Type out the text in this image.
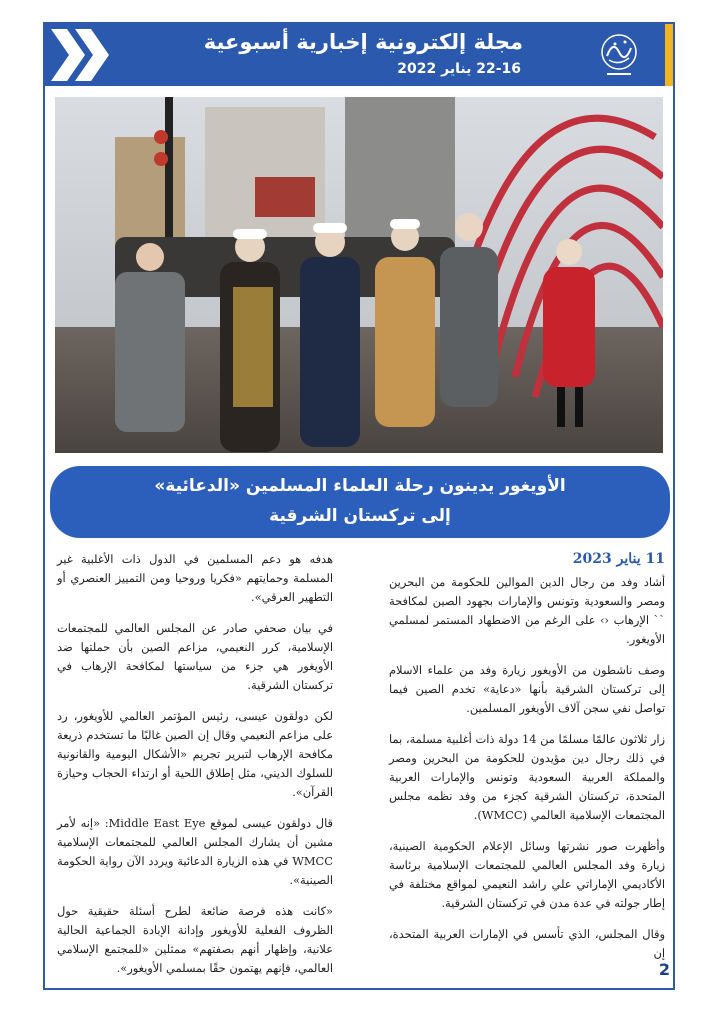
مجلة إلكترونية إخبارية أسبوعية
22-16 يناير 2022
الأويغور يدينون رحلة العلماء المسلمين «الدعائية»
إلى تركستان الشرقية
11 يناير 2023

أشاد وفد من رجال الدين الموالين للحكومة من البحرين ومصر والسعودية وتونس والإمارات بجهود الصين لمكافحة `` الإرهاب ‹› على الرغم من الاضطهاد المستمر لمسلمي الأويغور.

وصف ناشطون من الأويغور زيارة وفد من علماء الاسلام إلى تركستان الشرقية بأنها «دعاية» تخدم الصين فيما تواصل نفي سجن آلاف الأويغور المسلمين.

زار ثلاثون عالمًا مسلمًا من 14 دولة ذات أغلبية مسلمة، بما في ذلك رجال دين مؤيدون للحكومة من البحرين ومصر والمملكة العربية السعودية وتونس والإمارات العربية المتحدة، تركستان الشرقية كجزء من وفد نظمه مجلس المجتمعات الإسلامية العالمي (WMCC).

وأظهرت صور نشرتها وسائل الإعلام الحكومية الصينية، زيارة وفد المجلس العالمي للمجتمعات الإسلامية برئاسة الأكاديمي الإماراتي علي راشد النعيمي لمواقع مختلفة في إطار جولته في عدة مدن في تركستان الشرقية.

وقال المجلس، الذي تأسس في الإمارات العربية المتحدة، إن

هدفه هو دعم المسلمين في الدول ذات الأغلبية غير المسلمة وحمايتهم «فكريا وروحيا ومن التمييز العنصري أو التطهير العرقي».

في بيان صحفي صادر عن المجلس العالمي للمجتمعات الإسلامية، كرر النعيمي، مزاعم الصين بأن حملتها ضد الأويغور هي جزء من سياستها لمكافحة الإرهاب في تركستان الشرقية.

لكن دولقون عيسى، رئيس المؤتمر العالمي للأويغور، رد على مزاعم النعيمي وقال إن الصين غالبًا ما تستخدم ذريعة مكافحة الإرهاب لتبرير تجريم «الأشكال اليومية والقانونية للسلوك الديني، مثل إطلاق اللحية أو ارتداء الحجاب وحيازة القرآن».

قال دولقون عيسى لموقع Middle East Eye: «إنه لأمر مشين أن يشارك المجلس العالمي للمجتمعات الإسلامية WMCC في هذه الزيارة الدعائية ويردد الآن رواية الحكومة الصينية».

«كانت هذه فرصة ضائعة لطرح أسئلة حقيقية حول الظروف الفعلية للأويغور وإدانة الإبادة الجماعية الحالية علانية، وإظهار أنهم بصفتهم» ممثلين «للمجتمع الإسلامي العالمي، فإنهم يهتمون حقًا بمسلمي الأويغور».	2
